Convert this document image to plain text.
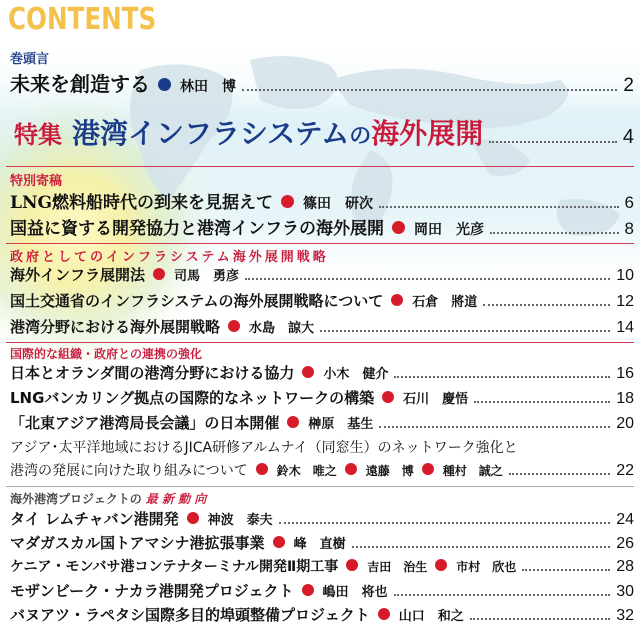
CONTENTS
巻頭言
未来を創造する 林田　博	2
特集 港湾インフラシステム の 海外展開	4
特別寄稿
LNG燃料船時代の到来を見据えて 篠田　研次	6
国益に資する開発協力と港湾インフラの海外展開 岡田　光彦	8
政府としてのインフラシステム海外展開戦略
海外インフラ展開法 司馬　勇彦	10
国土交通省のインフラシステムの海外展開戦略について 石倉　將道	12
港湾分野における海外展開戦略 水島　諒大	14
国際的な組織・政府との連携の強化
日本とオランダ間の港湾分野における協力 小木　健介	16
LNGバンカリング拠点の国際的なネットワークの構築 石川　慶悟	18
「北東アジア港湾局長会議」の日本開催 榊原　基生	20
アジア･太平洋地域におけるJICA研修アルムナイ（同窓生）のネットワーク強化と
港湾の発展に向けた取り組みについて 鈴木　唯之 遠藤　博 種村　誠之	22
海外港湾プロジェクトの 最 新 動 向
タイ レムチャバン港開発 神波　泰夫	24
マダガスカル国トアマシナ港拡張事業 峰　直樹	26
ケニア・モンバサ港コンテナターミナル開発Ⅱ期工事 吉田　治生 市村　欣也	28
モザンビーク・ナカラ港開発プロジェクト 嶋田　将也	30
バヌアツ・ラペタシ国際多目的埠頭整備プロジェクト 山口　和之	32
